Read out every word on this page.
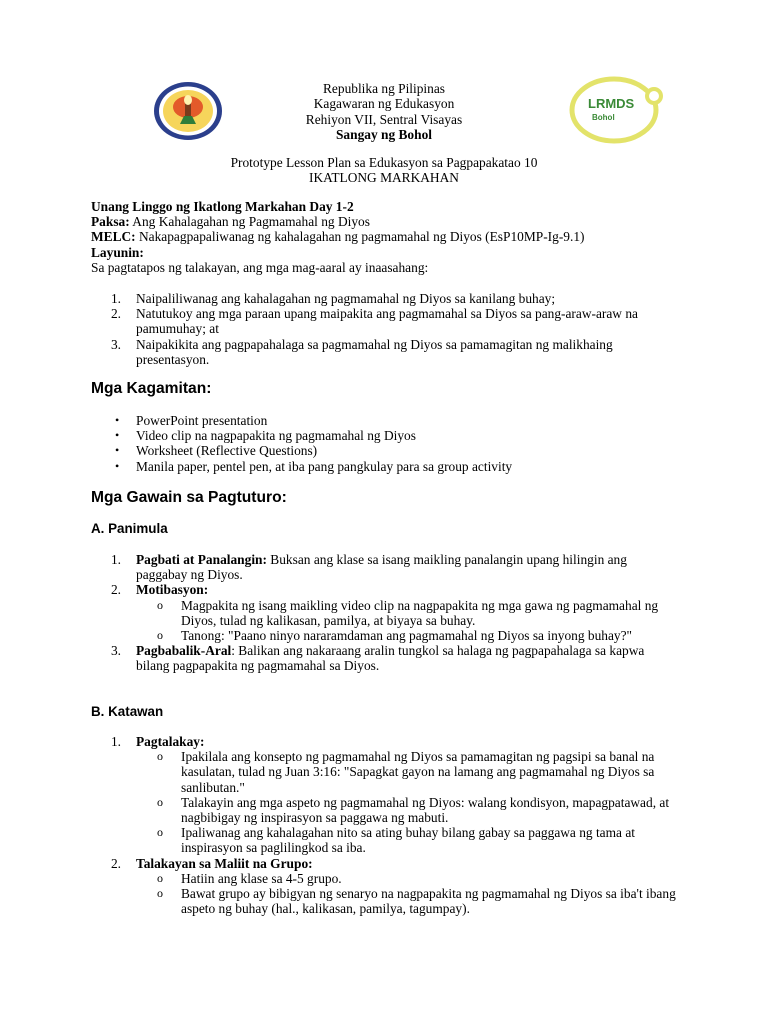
LRMDS
Bohol
Republika ng Pilipinas
Kagawaran ng Edukasyon
Rehiyon VII, Sentral Visayas
Sangay ng Bohol
Prototype Lesson Plan sa Edukasyon sa Pagpapakatao 10
IKATLONG MARKAHAN
Unang Linggo ng Ikatlong Markahan Day 1-2
Paksa: Ang Kahalagahan ng Pagmamahal ng Diyos
MELC: Nakapagpapaliwanag ng kahalagahan ng pagmamahal ng Diyos (EsP10MP-Ig-9.1)
Layunin:
Sa pagtatapos ng talakayan, ang mga mag-aaral ay inaasahang:
1. Naipaliliwanag ang kahalagahan ng pagmamahal ng Diyos sa kanilang buhay;
2. Natutukoy ang mga paraan upang maipakita ang pagmamahal sa Diyos sa pang-araw-araw na pamumuhay; at
3. Naipakikita ang pagpapahalaga sa pagmamahal ng Diyos sa pamamagitan ng malikhaing presentasyon.
Mga Kagamitan:
• PowerPoint presentation
• Video clip na nagpapakita ng pagmamahal ng Diyos
• Worksheet (Reflective Questions)
• Manila paper, pentel pen, at iba pang pangkulay para sa group activity
Mga Gawain sa Pagtuturo:
A. Panimula
1. Pagbati at Panalangin: Buksan ang klase sa isang maikling panalangin upang hilingin ang paggabay ng Diyos.
2. Motibasyon:
o Magpakita ng isang maikling video clip na nagpapakita ng mga gawa ng pagmamahal ng Diyos, tulad ng kalikasan, pamilya, at biyaya sa buhay.
o Tanong: "Paano ninyo nararamdaman ang pagmamahal ng Diyos sa inyong buhay?"
3. Pagbabalik-Aral: Balikan ang nakaraang aralin tungkol sa halaga ng pagpapahalaga sa kapwa bilang pagpapakita ng pagmamahal sa Diyos.
B. Katawan
1. Pagtalakay:
o Ipakilala ang konsepto ng pagmamahal ng Diyos sa pamamagitan ng pagsipi sa banal na kasulatan, tulad ng Juan 3:16: "Sapagkat gayon na lamang ang pagmamahal ng Diyos sa sanlibutan."
o Talakayin ang mga aspeto ng pagmamahal ng Diyos: walang kondisyon, mapagpatawad, at nagbibigay ng inspirasyon sa paggawa ng mabuti.
o Ipaliwanag ang kahalagahan nito sa ating buhay bilang gabay sa paggawa ng tama at inspirasyon sa paglilingkod sa iba.
2. Talakayan sa Maliit na Grupo:
o Hatiin ang klase sa 4-5 grupo.
o Bawat grupo ay bibigyan ng senaryo na nagpapakita ng pagmamahal ng Diyos sa iba't ibang aspeto ng buhay (hal., kalikasan, pamilya, tagumpay).
